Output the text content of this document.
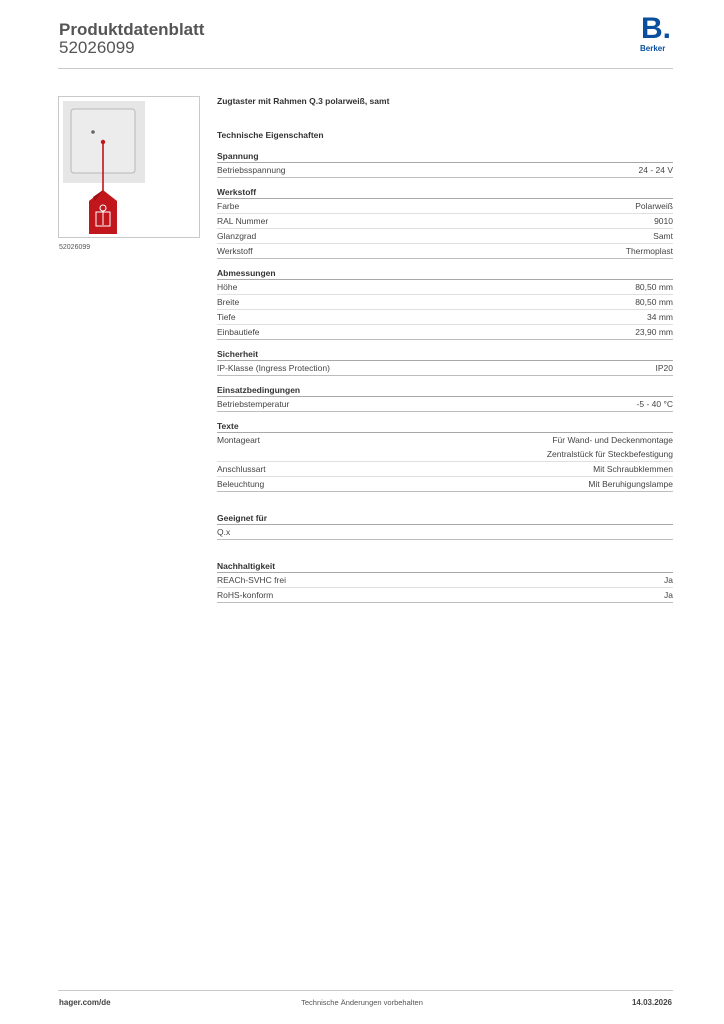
Produktdatenblatt
52026099
B.
Berker
52026099
Zugtaster mit Rahmen Q.3 polarweiß, samt
Technische Eigenschaften
Spannung
Betriebsspannung	24 - 24 V
Werkstoff
Farbe	Polarweiß
RAL Nummer	9010
Glanzgrad	Samt
Werkstoff	Thermoplast
Abmessungen
Höhe	80,50 mm
Breite	80,50 mm
Tiefe	34 mm
Einbautiefe	23,90 mm
Sicherheit
IP-Klasse (Ingress Protection)	IP20
Einsatzbedingungen
Betriebstemperatur	-5 - 40 °C
Texte
Montageart	Für Wand- und Deckenmontage
Zentralstück für Steckbefestigung
Anschlussart	Mit Schraubklemmen
Beleuchtung	Mit Beruhigungslampe
Geeignet für
Q.x
Nachhaltigkeit
REACh-SVHC frei	Ja
RoHS-konform	Ja
hager.com/de	Technische Änderungen vorbehalten	14.03.2026
